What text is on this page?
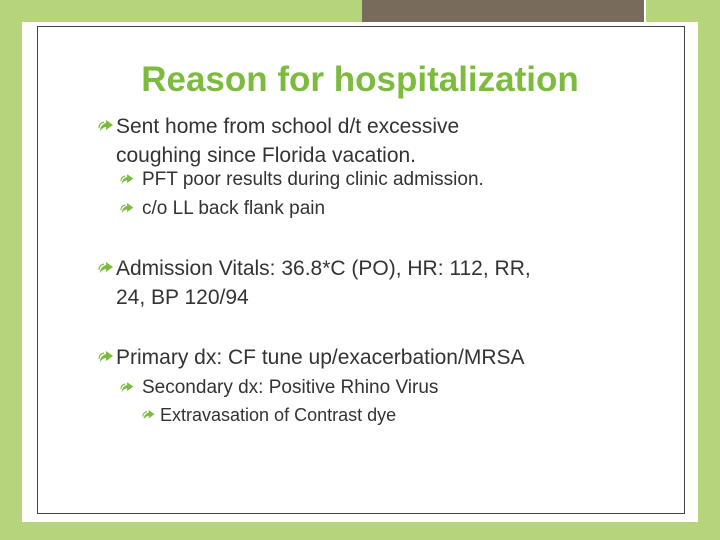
Reason for hospitalization
Sent home from school d/t excessive
coughing since Florida vacation.
PFT poor results during clinic admission.
c/o LL back flank pain
Admission Vitals: 36.8*C (PO), HR: 112, RR,
24, BP 120/94
Primary dx: CF tune up/exacerbation/MRSA
Secondary dx: Positive Rhino Virus
Extravasation of Contrast dye
